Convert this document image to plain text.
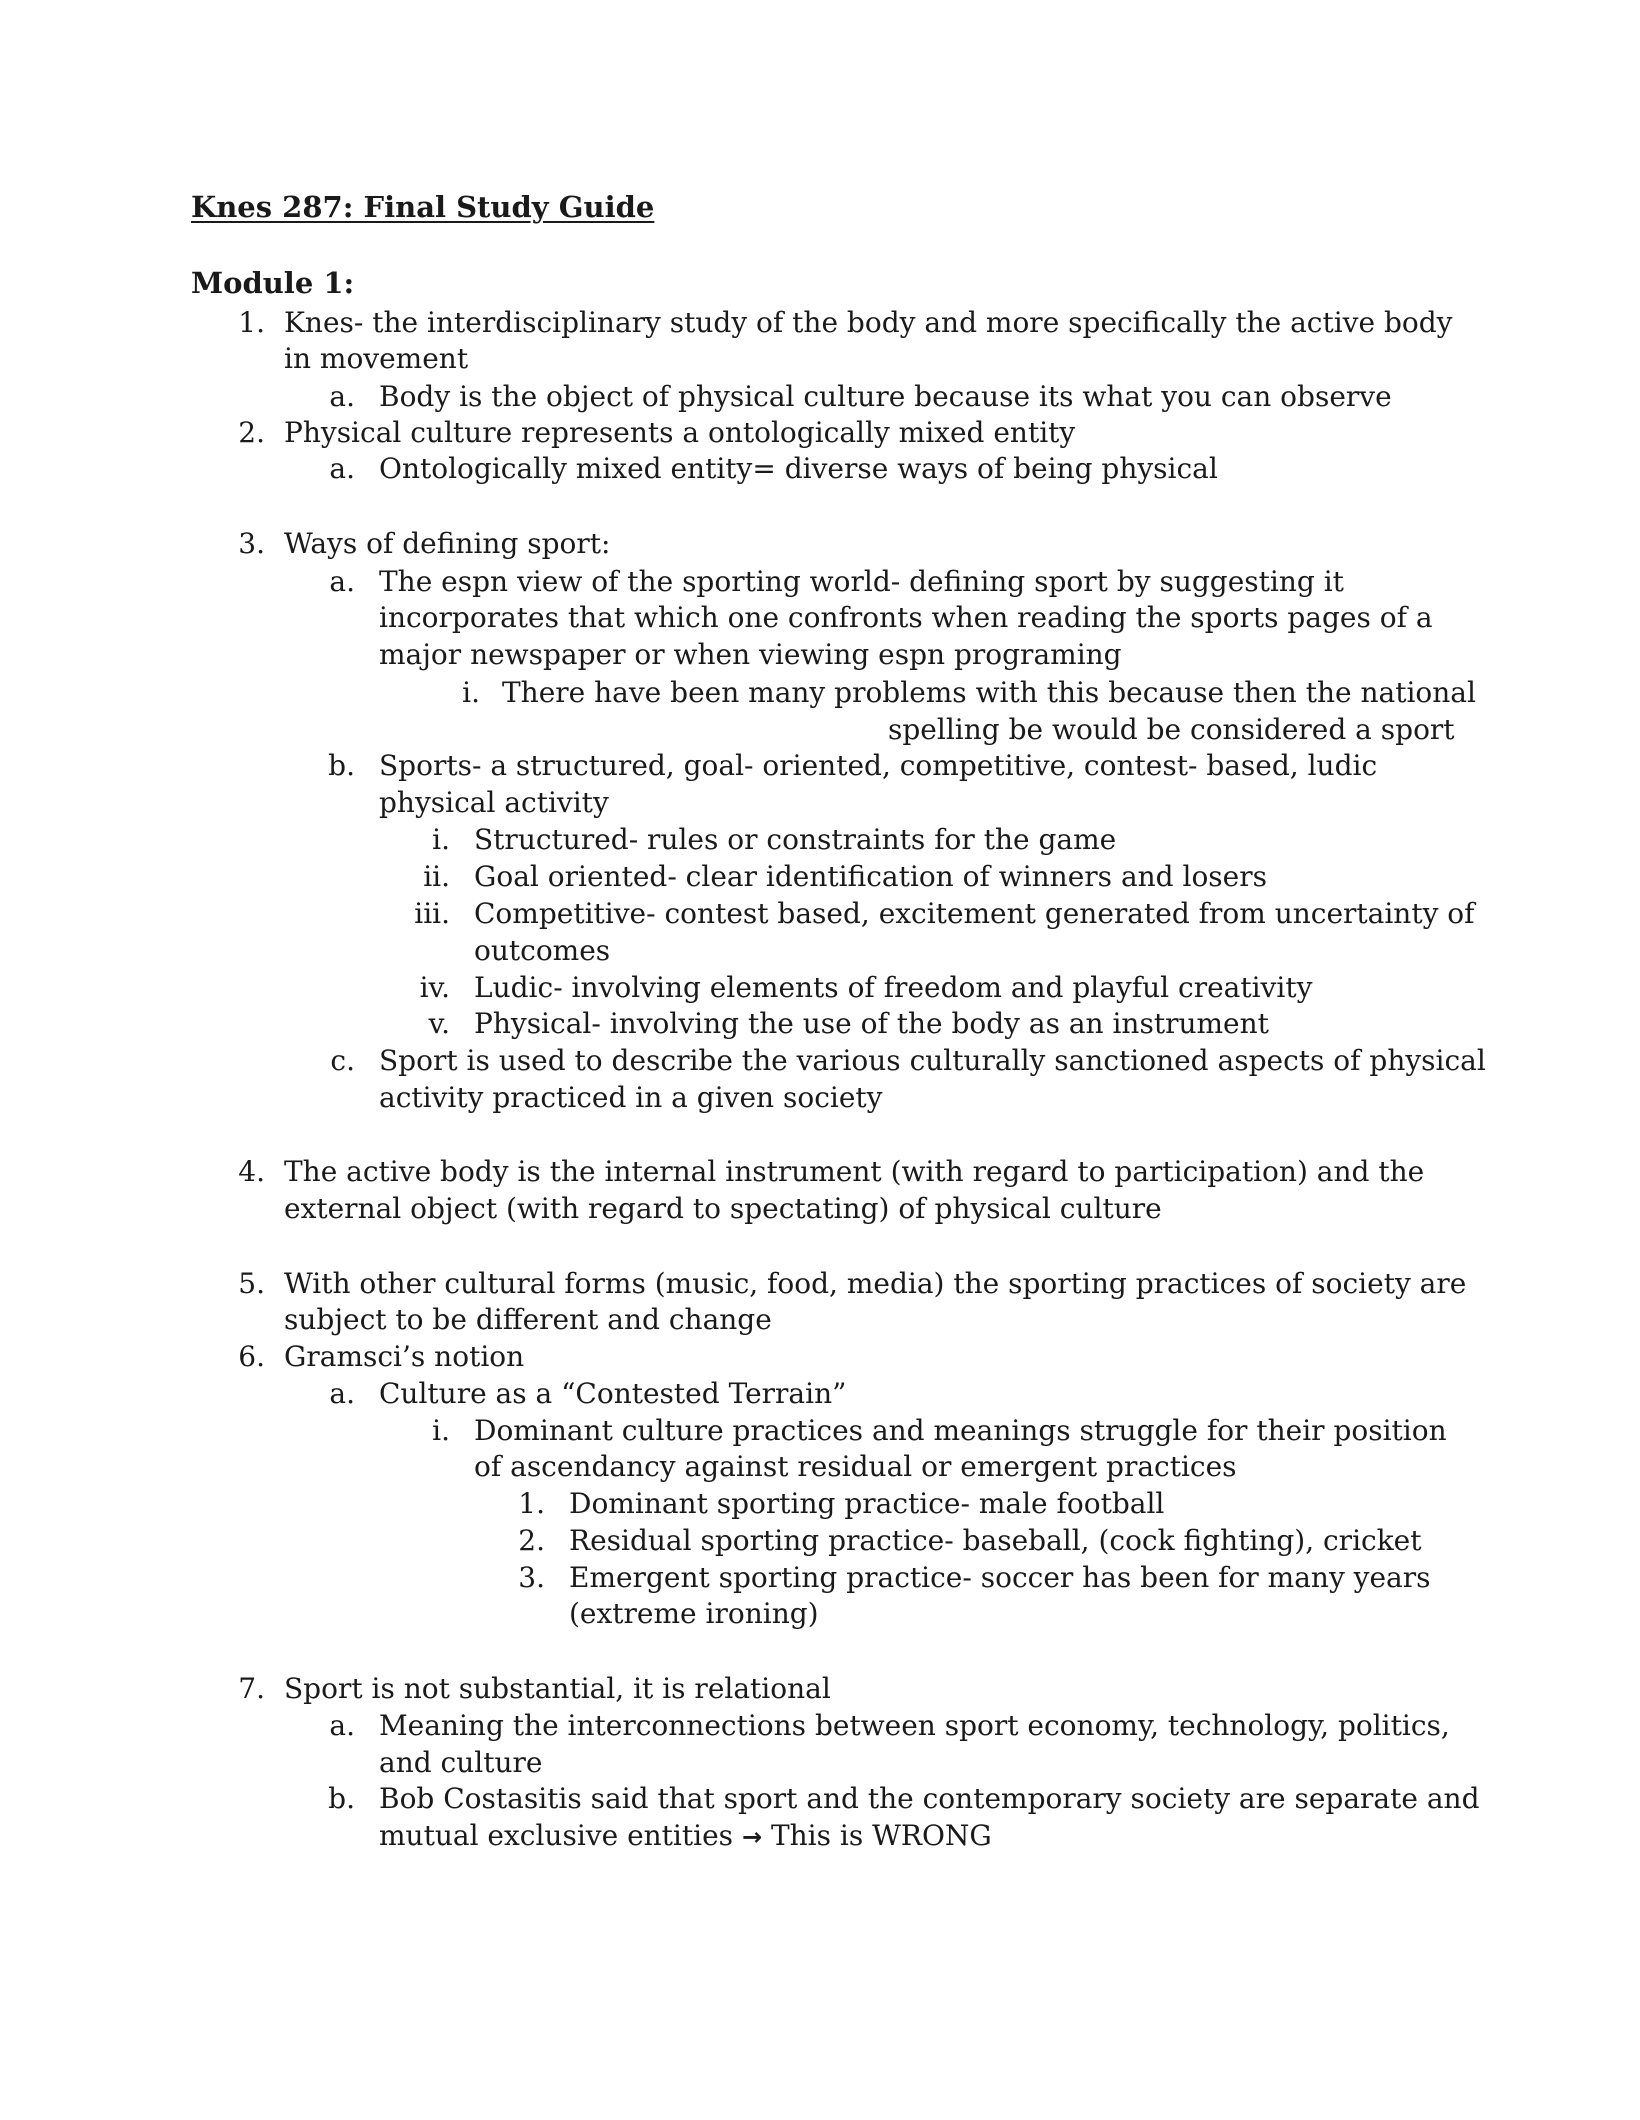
Knes 287: Final Study Guide
Module 1:
1. Knes- the interdisciplinary study of the body and more specifically the active body
in movement
a. Body is the object of physical culture because its what you can observe
2. Physical culture represents a ontologically mixed entity
a. Ontologically mixed entity= diverse ways of being physical
3. Ways of defining sport:
a. The espn view of the sporting world- defining sport by suggesting it
incorporates that which one confronts when reading the sports pages of a
major newspaper or when viewing espn programing
i. There have been many problems with this because then the national
spelling be would be considered a sport
b. Sports- a structured, goal- oriented, competitive, contest- based, ludic
physical activity
i. Structured- rules or constraints for the game
ii. Goal oriented- clear identification of winners and losers
iii. Competitive- contest based, excitement generated from uncertainty of
outcomes
iv. Ludic- involving elements of freedom and playful creativity
v. Physical- involving the use of the body as an instrument
c. Sport is used to describe the various culturally sanctioned aspects of physical
activity practiced in a given society
4. The active body is the internal instrument (with regard to participation) and the
external object (with regard to spectating) of physical culture
5. With other cultural forms (music, food, media) the sporting practices of society are
subject to be different and change
6. Gramsci’s notion
a. Culture as a “Contested Terrain”
i. Dominant culture practices and meanings struggle for their position
of ascendancy against residual or emergent practices
1. Dominant sporting practice- male football
2. Residual sporting practice- baseball, (cock fighting), cricket
3. Emergent sporting practice- soccer has been for many years
(extreme ironing)
7. Sport is not substantial, it is relational
a. Meaning the interconnections between sport economy, technology, politics,
and culture
b. Bob Costasitis said that sport and the contemporary society are separate and
mutual exclusive entities → This is WRONG
